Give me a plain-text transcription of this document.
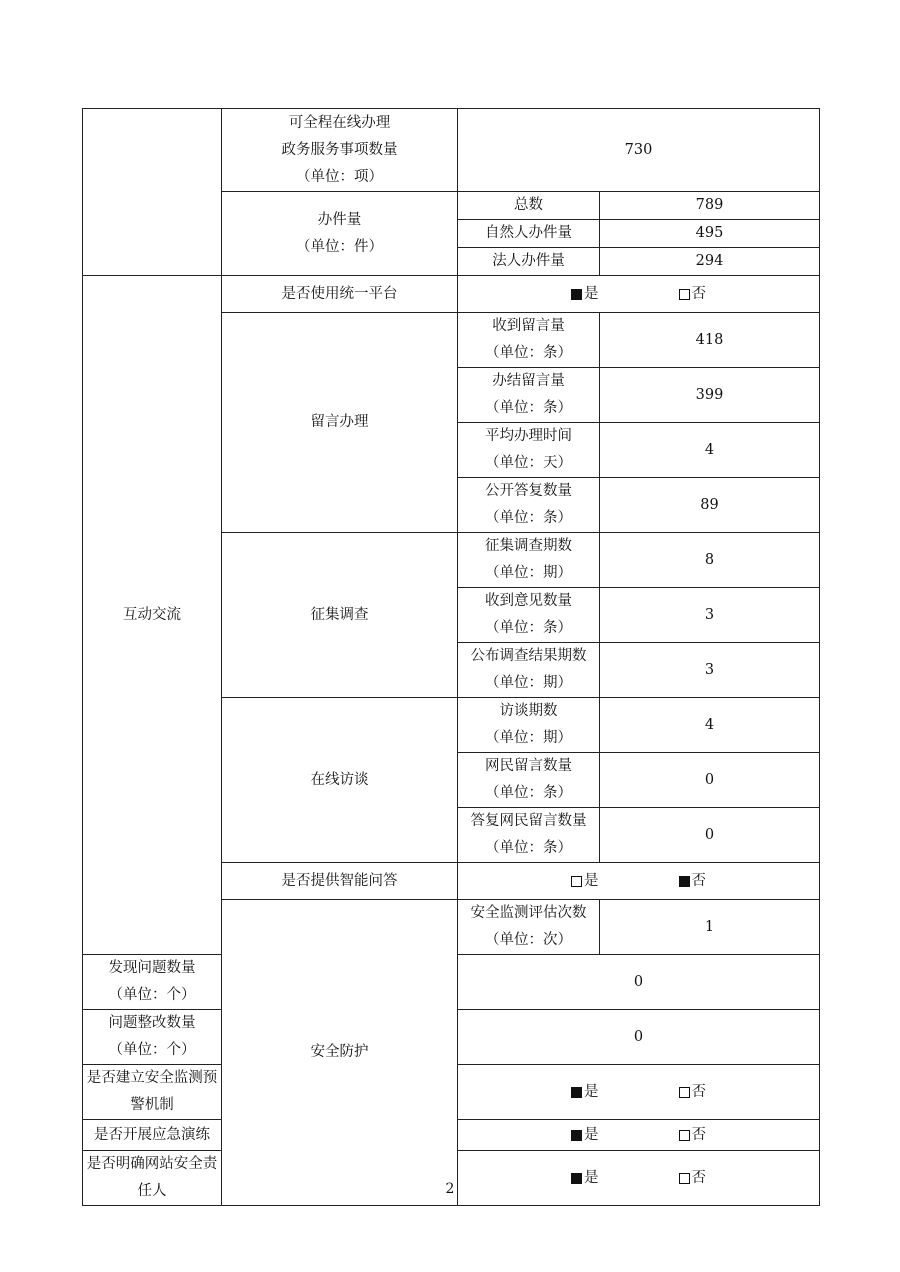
	可全程在线办理
政务服务事项数量
（单位：项）	730	

	办件量
（单位：件）	总数	789
		自然人办件量	495
		法人办件量	294
互动交流	是否使用统一平台	是 否	

	留言办理	收到留言量
（单位：条）	418

		办结留言量
（单位：条）	399

		平均办理时间
（单位：天）	4

		公开答复数量
（单位：条）	89
	征集调查	征集调查期数
（单位：期）	8

		收到意见数量
（单位：条）	3

		公布调查结果期数
（单位：期）	3
	在线访谈	访谈期数
（单位：期）	4

		网民留言数量
（单位：条）	0

		答复网民留言数量
（单位：条）	0
	是否提供智能问答	是 否	

	安全防护	安全监测评估次数
（单位：次）	1

发现问题数量
（单位：个）		0	

问题整改数量
（单位：个）		0	
是否建立安全监测预警机制		是 否	

是否开展应急演练		是 否	

是否明确网站安全责任人		是 否	
2
